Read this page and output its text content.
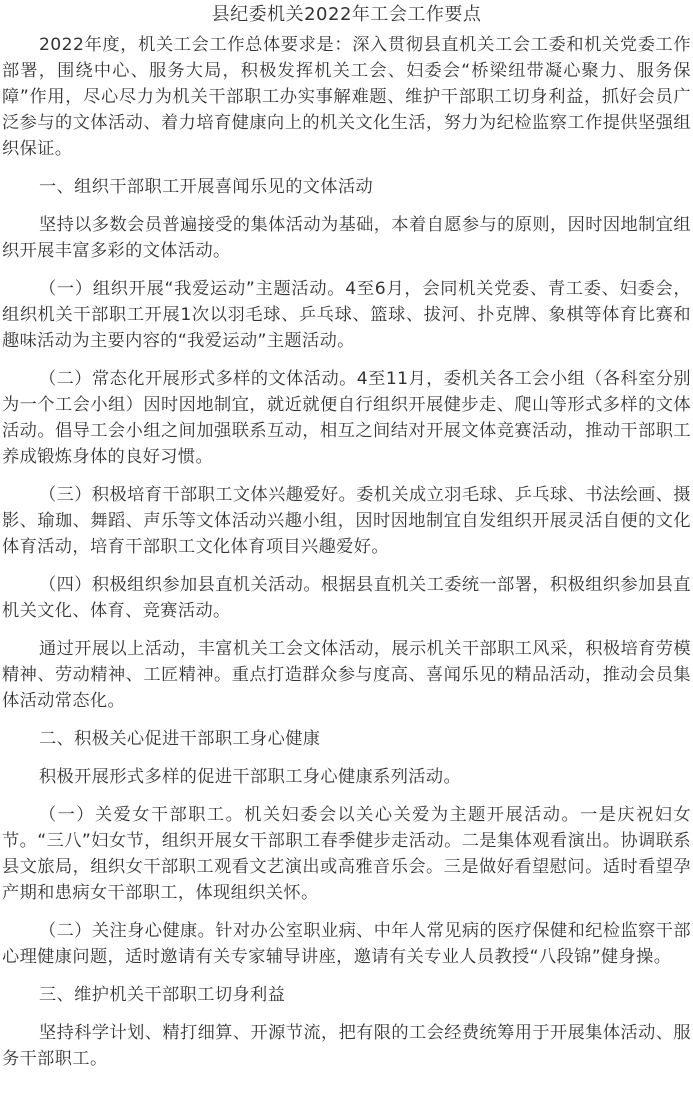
县纪委机关2022年工会工作要点

2022年度，机关工会工作总体要求是：深入贯彻县直机关工会工委和机关党委工作部署，围绕中心、服务大局，积极发挥机关工会、妇委会“桥梁纽带凝心聚力、服务保障”作用，尽心尽力为机关干部职工办实事解难题、维护干部职工切身利益，抓好会员广泛参与的文体活动、着力培育健康向上的机关文化生活，努力为纪检监察工作提供坚强组织保证。

一、组织干部职工开展喜闻乐见的文体活动

坚持以多数会员普遍接受的集体活动为基础，本着自愿参与的原则，因时因地制宜组织开展丰富多彩的文体活动。

（一）组织开展“我爱运动”主题活动。4至6月，会同机关党委、青工委、妇委会，组织机关干部职工开展1次以羽毛球、乒乓球、篮球、拔河、扑克牌、象棋等体育比赛和趣味活动为主要内容的“我爱运动”主题活动。

（二）常态化开展形式多样的文体活动。4至11月，委机关各工会小组（各科室分别为一个工会小组）因时因地制宜，就近就便自行组织开展健步走、爬山等形式多样的文体活动。倡导工会小组之间加强联系互动，相互之间结对开展文体竞赛活动，推动干部职工养成锻炼身体的良好习惯。

（三）积极培育干部职工文体兴趣爱好。委机关成立羽毛球、乒乓球、书法绘画、摄影、瑜珈、舞蹈、声乐等文体活动兴趣小组，因时因地制宜自发组织开展灵活自便的文化体育活动，培育干部职工文化体育项目兴趣爱好。

（四）积极组织参加县直机关活动。根据县直机关工委统一部署，积极组织参加县直机关文化、体育、竞赛活动。

通过开展以上活动，丰富机关工会文体活动，展示机关干部职工风采，积极培育劳模精神、劳动精神、工匠精神。重点打造群众参与度高、喜闻乐见的精品活动，推动会员集体活动常态化。

二、积极关心促进干部职工身心健康

积极开展形式多样的促进干部职工身心健康系列活动。

（一）关爱女干部职工。机关妇委会以关心关爱为主题开展活动。一是庆祝妇女节。“三八”妇女节，组织开展女干部职工春季健步走活动。二是集体观看演出。协调联系县文旅局，组织女干部职工观看文艺演出或高雅音乐会。三是做好看望慰问。适时看望孕产期和患病女干部职工，体现组织关怀。

（二）关注身心健康。针对办公室职业病、中年人常见病的医疗保健和纪检监察干部心理健康问题，适时邀请有关专家辅导讲座，邀请有关专业人员教授“八段锦”健身操。

三、维护机关干部职工切身利益

坚持科学计划、精打细算、开源节流，把有限的工会经费统筹用于开展集体活动、服务干部职工。
